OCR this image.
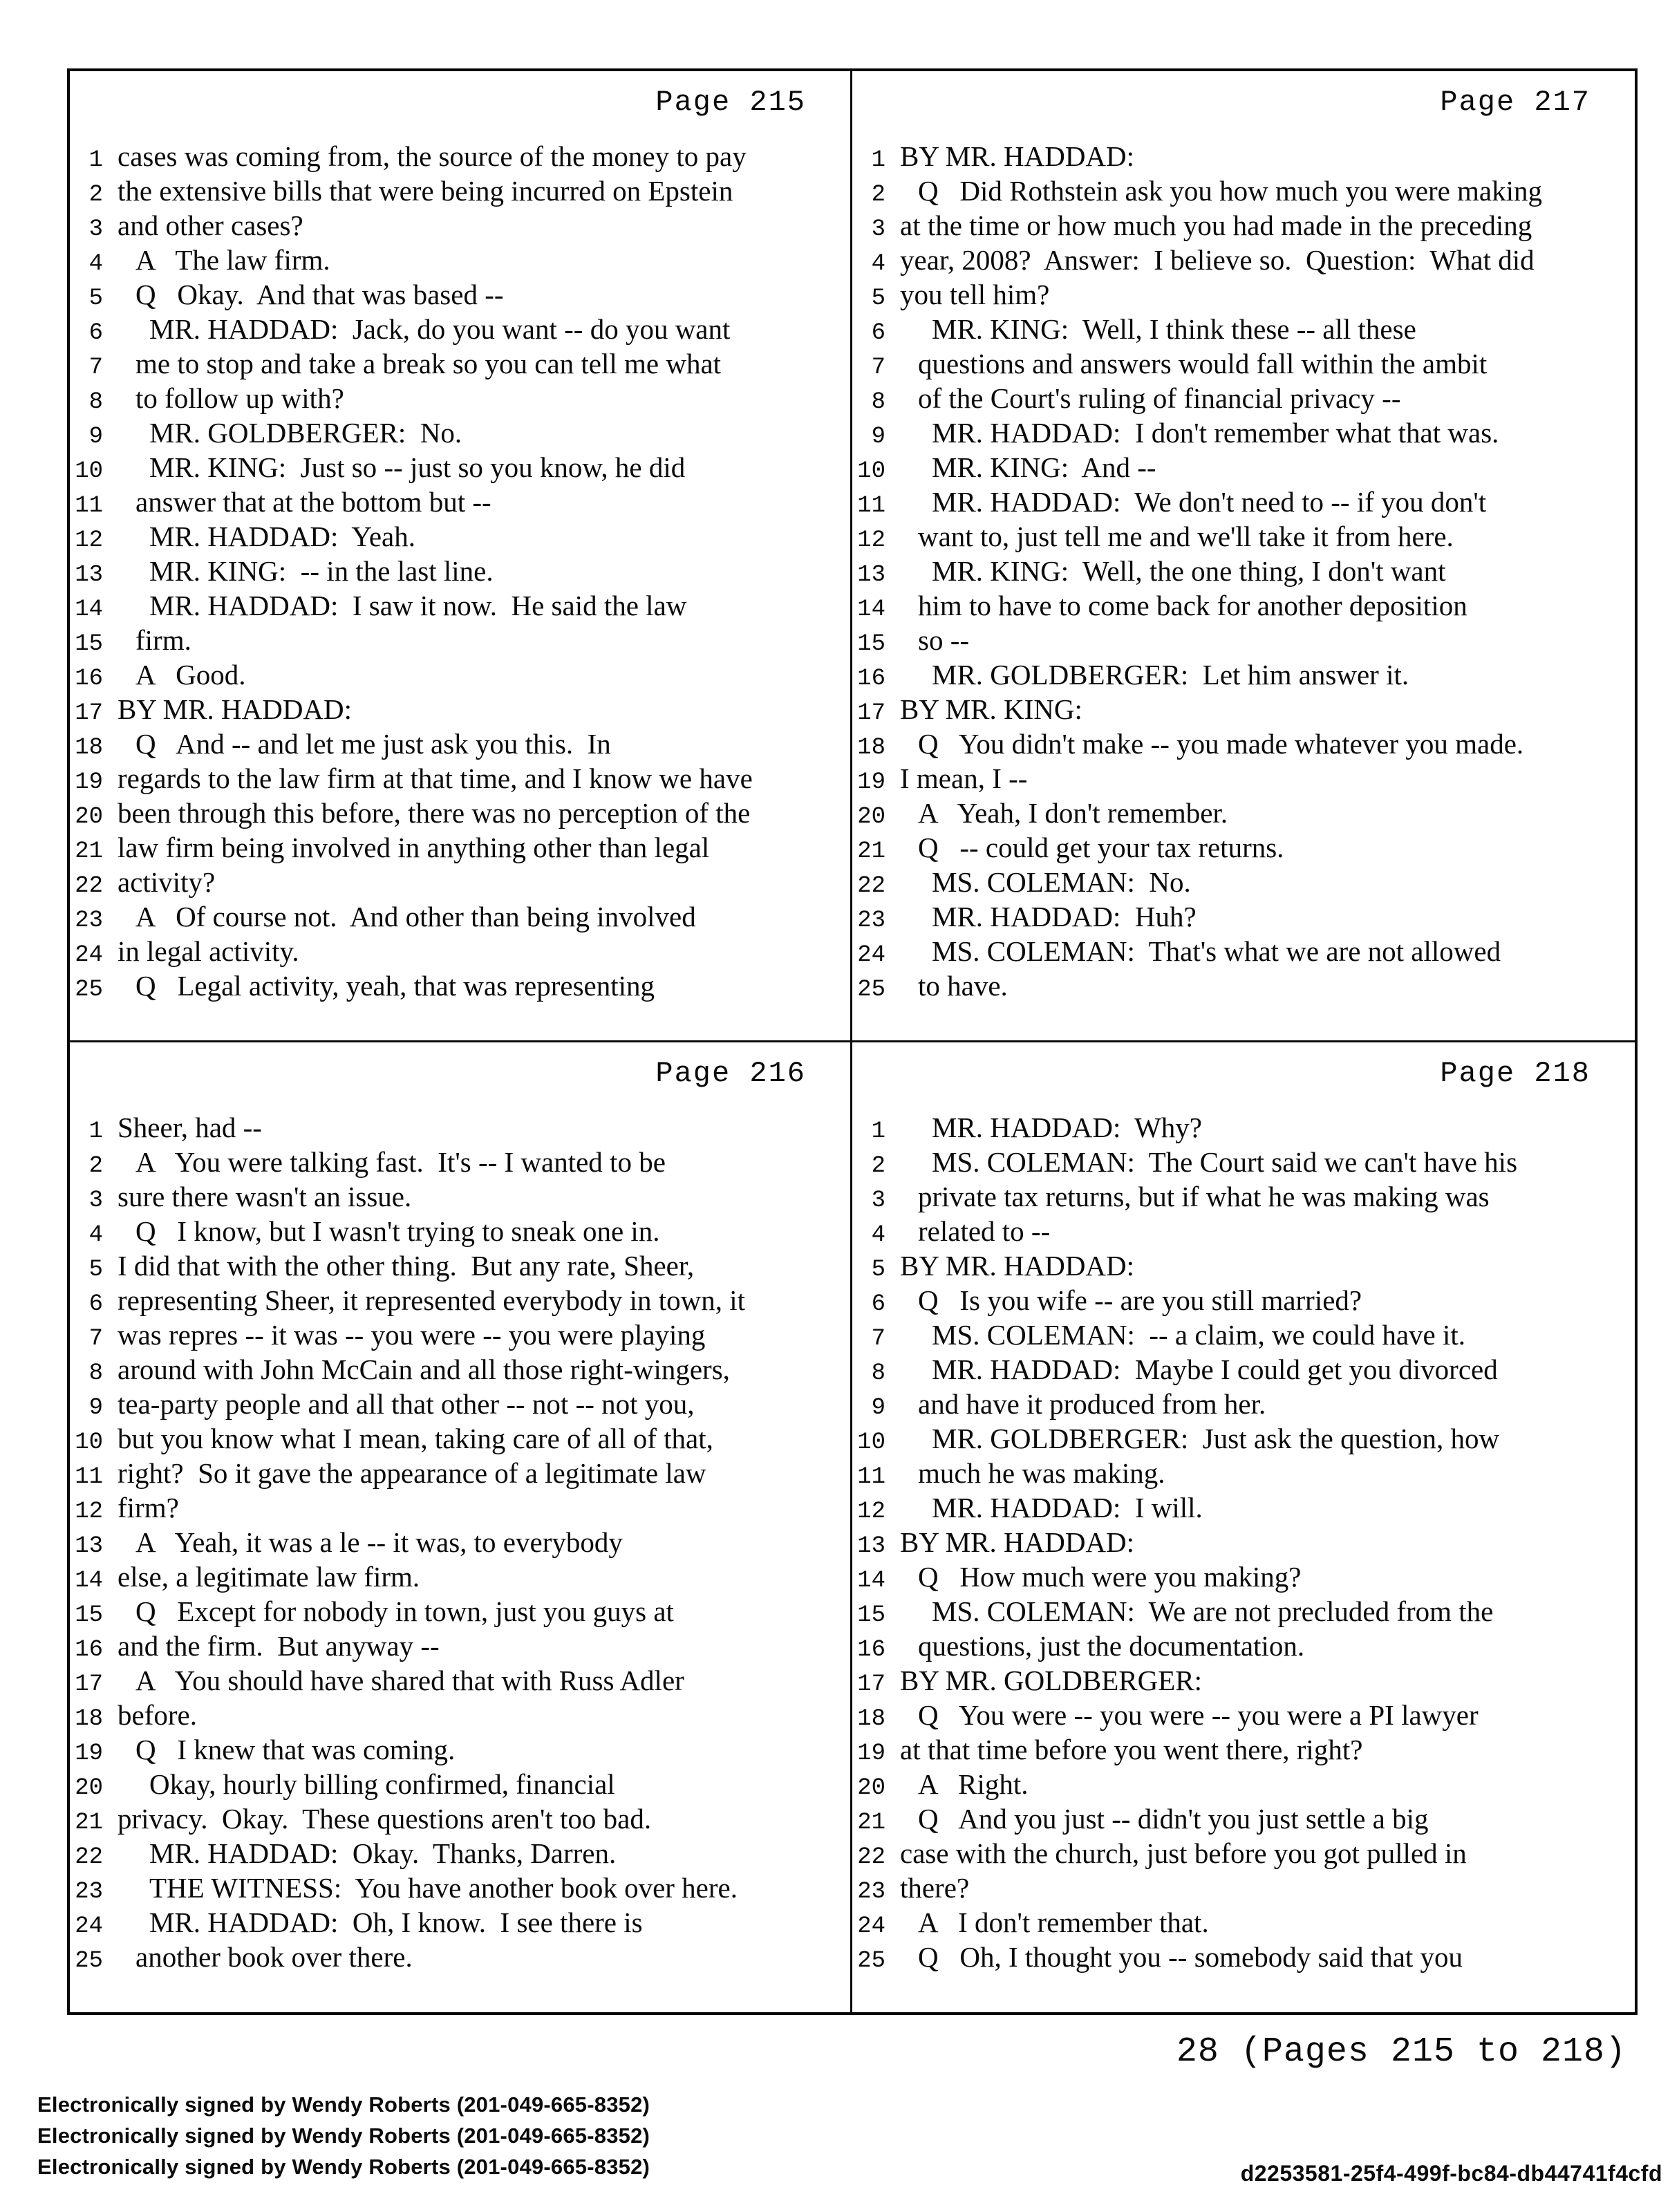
Page 215
1 cases was coming from, the source of the money to pay
2 the extensive bills that were being incurred on Epstein
3 and other cases?
4 A   The law firm.
5 Q   Okay.  And that was based --
6 MR. HADDAD:  Jack, do you want -- do you want
7 me to stop and take a break so you can tell me what
8 to follow up with?
9 MR. GOLDBERGER:  No.
10 MR. KING:  Just so -- just so you know, he did
11 answer that at the bottom but --
12 MR. HADDAD:  Yeah.
13 MR. KING:  -- in the last line.
14 MR. HADDAD:  I saw it now.  He said the law
15 firm.
16 A   Good.
17 BY MR. HADDAD:
18 Q   And -- and let me just ask you this.  In
19 regards to the law firm at that time, and I know we have
20 been through this before, there was no perception of the
21 law firm being involved in anything other than legal
22 activity?
23 A   Of course not.  And other than being involved
24 in legal activity.
25 Q   Legal activity, yeah, that was representing
Page 217
1 BY MR. HADDAD:
2 Q   Did Rothstein ask you how much you were making
3 at the time or how much you had made in the preceding
4 year, 2008?  Answer:  I believe so.  Question:  What did
5 you tell him?
6 MR. KING:  Well, I think these -- all these
7 questions and answers would fall within the ambit
8 of the Court's ruling of financial privacy --
9 MR. HADDAD:  I don't remember what that was.
10 MR. KING:  And --
11 MR. HADDAD:  We don't need to -- if you don't
12 want to, just tell me and we'll take it from here.
13 MR. KING:  Well, the one thing, I don't want
14 him to have to come back for another deposition
15 so --
16 MR. GOLDBERGER:  Let him answer it.
17 BY MR. KING:
18 Q   You didn't make -- you made whatever you made.
19 I mean, I --
20 A   Yeah, I don't remember.
21 Q   -- could get your tax returns.
22 MS. COLEMAN:  No.
23 MR. HADDAD:  Huh?
24 MS. COLEMAN:  That's what we are not allowed
25 to have.
Page 216
1 Sheer, had --
2 A   You were talking fast.  It's -- I wanted to be
3 sure there wasn't an issue.
4 Q   I know, but I wasn't trying to sneak one in.
5 I did that with the other thing.  But any rate, Sheer,
6 representing Sheer, it represented everybody in town, it
7 was repres -- it was -- you were -- you were playing
8 around with John McCain and all those right-wingers,
9 tea-party people and all that other -- not -- not you,
10 but you know what I mean, taking care of all of that,
11 right?  So it gave the appearance of a legitimate law
12 firm?
13 A   Yeah, it was a le -- it was, to everybody
14 else, a legitimate law firm.
15 Q   Except for nobody in town, just you guys at
16 and the firm.  But anyway --
17 A   You should have shared that with Russ Adler
18 before.
19 Q   I knew that was coming.
20 Okay, hourly billing confirmed, financial
21 privacy.  Okay.  These questions aren't too bad.
22 MR. HADDAD:  Okay.  Thanks, Darren.
23 THE WITNESS:  You have another book over here.
24 MR. HADDAD:  Oh, I know.  I see there is
25 another book over there.
Page 218
1 MR. HADDAD:  Why?
2 MS. COLEMAN:  The Court said we can't have his
3 private tax returns, but if what he was making was
4 related to --
5 BY MR. HADDAD:
6 Q   Is you wife -- are you still married?
7 MS. COLEMAN:  -- a claim, we could have it.
8 MR. HADDAD:  Maybe I could get you divorced
9 and have it produced from her.
10 MR. GOLDBERGER:  Just ask the question, how
11 much he was making.
12 MR. HADDAD:  I will.
13 BY MR. HADDAD:
14 Q   How much were you making?
15 MS. COLEMAN:  We are not precluded from the
16 questions, just the documentation.
17 BY MR. GOLDBERGER:
18 Q   You were -- you were -- you were a PI lawyer
19 at that time before you went there, right?
20 A   Right.
21 Q   And you just -- didn't you just settle a big
22 case with the church, just before you got pulled in
23 there?
24 A   I don't remember that.
25 Q   Oh, I thought you -- somebody said that you
28 (Pages 215 to 218)
Electronically signed by Wendy Roberts (201-049-665-8352)
Electronically signed by Wendy Roberts (201-049-665-8352)
Electronically signed by Wendy Roberts (201-049-665-8352)	d2253581-25f4-499f-bc84-db44741f4cfd
